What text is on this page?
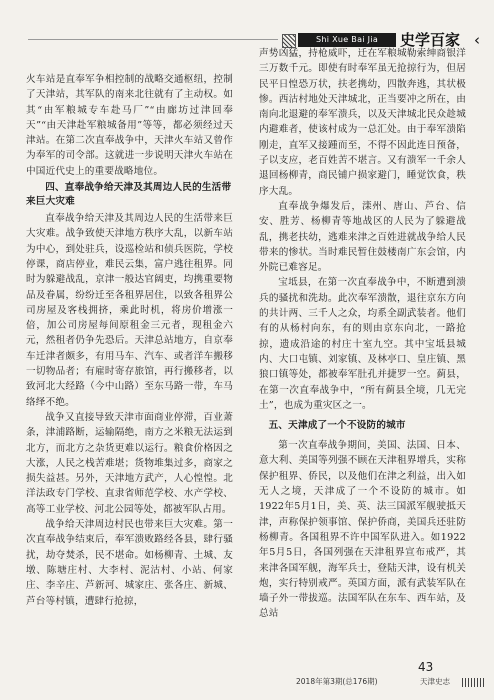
Shi Xue Bai Jia	史学百家 ‹

火车站是直奉军争相控制的战略交通枢纽，控制了天津站，其军队的南来北往就有了主动权。如其“由军粮城专车赴马厂”“由廊坊过津回奉天”“由天津赴军粮城备用”等等，都必须经过天津站。在第二次直奉战争中，天津火车站又曾作为奉军的司令部。这就进一步说明天津火车站在中国近代史上的重要战略地位。

四、直奉战争给天津及其周边人民的生活带来巨大灾难

直奉战争给天津及其周边人民的生活带来巨大灾难。战争致使天津地方秩序大乱，以新车站为中心，到处驻兵，设巡检站和侦兵医院，学校停课，商店停业，难民云集，富户逃往租界。同时为躲避战乱，京津一般达官阔吏，均携重要物品及眷属，纷纷迁至各租界居住，以致各租界公司房屋及客栈拥挤，乘此时机，将房价增涨一倍，加公司房屋每间原租金三元者，现租金六元，然租者仍争先恐后。天津总站地方，自京奉车迁津者颇多，有用马车、汽车、或者洋车搬移一切物品者；有雇时寄存旅馆，再行搬移者，以致河北大经路（今中山路）至东马路一带，车马络绎不绝。

战争又直接导致天津市面商业停滞，百业萧条，津浦路断，运输隔绝，南方之米粮无法运到北方，而北方之杂货更难以运行。粮食价格因之大涨，人民之栈苦难堪；货物堆集过多，商家之损失益甚。另外，天津地方武产，人心惶惶。北洋法政专门学校、直隶省师范学校、水产学校、高等工业学校、河北公园等处，都被军队占用。

战争给天津周边村民也带来巨大灾难。第一次直奉战争结束后，奉军溃败路经各县，肆行骚扰，劫夺焚杀，民不堪命。如杨柳青、土城、友墩、陈塘庄村、大李村、泥沽村、小站、何家庄、李辛庄、芦新河、城家庄、张各庄、新城、芦台等村镇，遭肆行抢掠，

声势凶猛，持枪威吓，迁在军粮城勒索绅商银洋三万数千元。即使有时奉军虽无抢掠行为，但居民平日惶恐万状，扶老携幼，四散奔逃，其状极惨。西沽村地处天津城北，正当要冲之所在，由南向北退避的奉军溃兵，以及天津城北民众趁城内避难者，使该村成为一总汇处。由于奉军溃陷刚走，直军又接踵而至，不得不因此连日预备，子以支应，老百姓苦不堪言。又有溃军一千余人退回杨柳青，商民铺户损家避门，睡觉饮食，秩序大乱。

直奉战争爆发后，滦州、唐山、芦台、信安、胜芳、杨柳青等地战区的人民为了躲避战乱，携老扶幼，逃难来津之百姓进就战争给人民带来的惨状。当时难民暂住鼓楼南广东会馆，内外院已难容足。

宝坻县，在第一次直奉战争中，不断遭到溃兵的骚扰和洗劫。此次奉军溃散，退往京东方向的共计两、三千人之众，均系全副武装者。他们有的从杨村向东，有的则由京东向北，一路抢掠，遗成沿途的村庄十室九空。其中宝坻县城内、大口屯镇、刘家镇、及林亭口、皇庄镇、黑狼口镇等处，都被奉军肚孔并捷罗一空。蓟县，在第一次直奉战争中，“所有蓟县全境，几无完土”，也成为重灾区之一。

五、天津成了一个不设防的城市

第一次直奉战争期间，美国、法国、日本、意大利、美国等列强不顾在天津租界增兵，实称保护租界、侨民，以及他们在津之利益，出入如无人之境，天津成了一个不设防的城市。如1922年5月1日，美、英、法三国派军舰驶抵天津，声称保护领事馆、保护侨商，美国兵还驻防杨柳青。各国租界不许中国军队进入。如1922年5月5日，各国列强在天津租界宣布戒严，其来津各国军舰，海军兵士，登陆天津，设有机关炮，实行特别戒严。英国方面，派有武装军队在墙子外一带拔巡。法国军队在东车、西车站，及总站

43
2018年第3期(总176期)	天津史志
